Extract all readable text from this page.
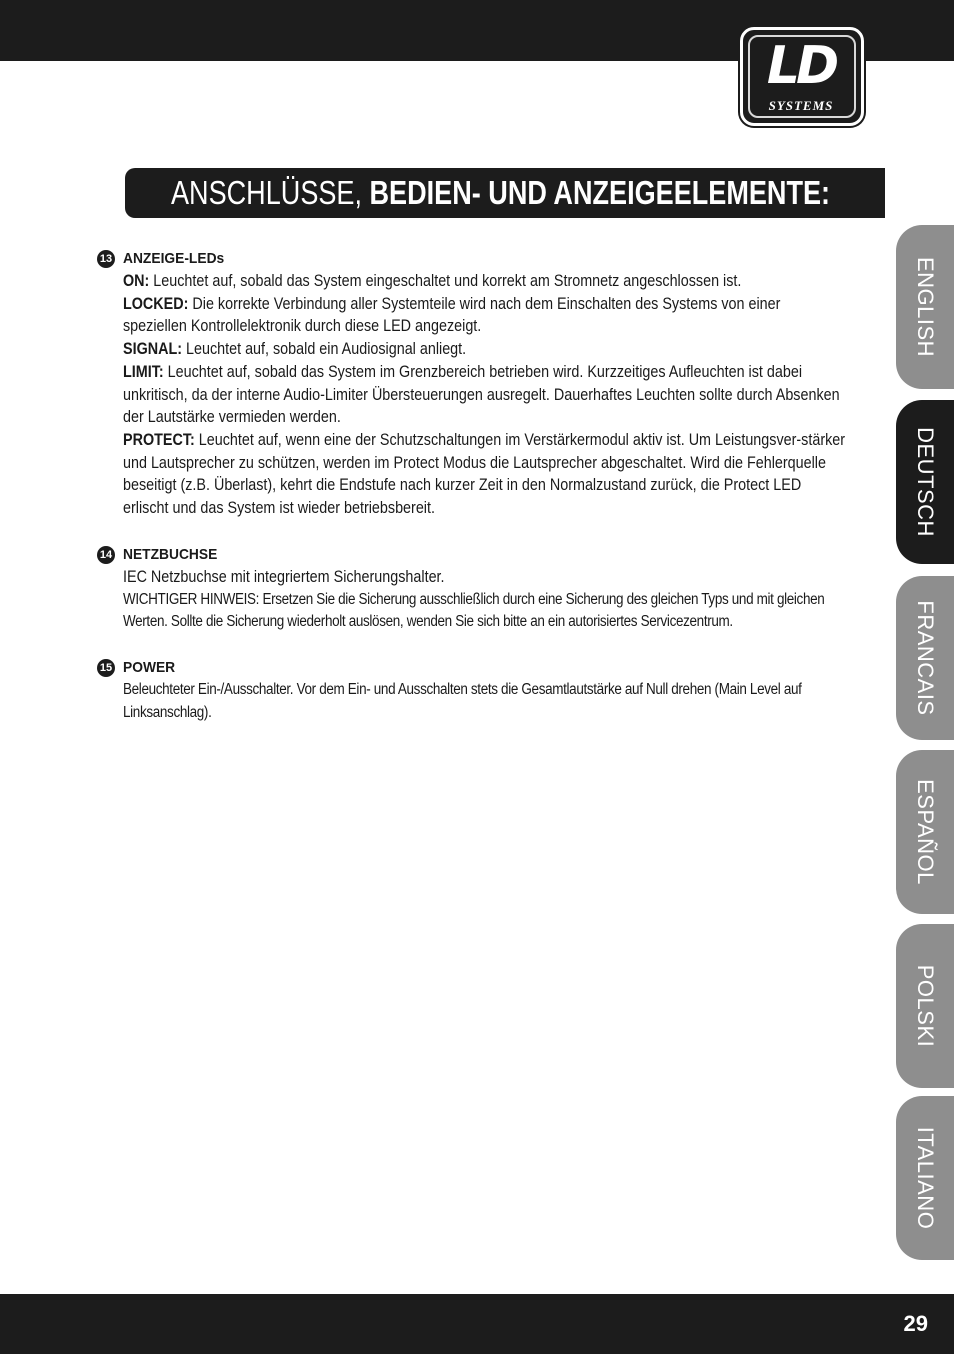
LD
SYSTEMS
ANSCHLÜSSE, BEDIEN- UND ANZEIGEELEMENTE:
ENGLISH
DEUTSCH
FRANCAIS
ESPAÑOL
POLSKI
ITALIANO
13 ANZEIGE-LEDs

ON: Leuchtet auf, sobald das System eingeschaltet und korrekt am Stromnetz angeschlossen ist.

LOCKED: Die korrekte Verbindung aller Systemteile wird nach dem Einschalten des Systems von einer speziellen Kontrollelektronik durch diese LED angezeigt.

SIGNAL: Leuchtet auf, sobald ein Audiosignal anliegt.

LIMIT: Leuchtet auf, sobald das System im Grenzbereich betrieben wird. Kurzzeitiges Aufleuchten ist dabei unkritisch, da der interne Audio-Limiter Übersteuerungen ausregelt. Dauerhaftes Leuchten sollte durch Absenken der Lautstärke vermieden werden.

PROTECT: Leuchtet auf, wenn eine der Schutzschaltungen im Verstärkermodul aktiv ist. Um Leistungsver-stärker und Lautsprecher zu schützen, werden im Protect Modus die Lautsprecher abgeschaltet. Wird die Fehlerquelle beseitigt (z.B. Überlast), kehrt die Endstufe nach kurzer Zeit in den Normalzustand zurück, die Protect LED erlischt und das System ist wieder betriebsbereit.

14 NETZBUCHSE

IEC Netzbuchse mit integriertem Sicherungshalter.

WICHTIGER HINWEIS: Ersetzen Sie die Sicherung ausschließlich durch eine Sicherung des gleichen Typs und mit gleichen Werten. Sollte die Sicherung wiederholt auslösen, wenden Sie sich bitte an ein autorisiertes Servicezentrum.

15 POWER

Beleuchteter Ein-/Ausschalter. Vor dem Ein- und Ausschalten stets die Gesamtlautstärke auf Null drehen (Main Level auf Linksanschlag).

29
